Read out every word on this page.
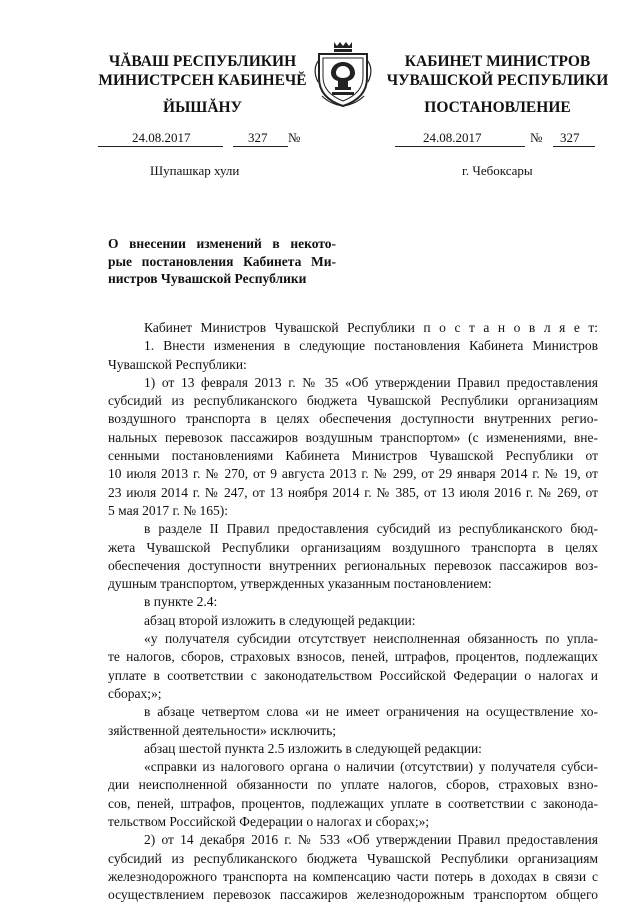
ЧĂВАШ РЕСПУБЛИКИН
МИНИСТРСЕН КАБИНЕЧĔ
ЙЫШĂНУ
КАБИНЕТ МИНИСТРОВ
ЧУВАШСКОЙ РЕСПУБЛИКИ
ПОСТАНОВЛЕНИЕ
24.08.2017	327 №	24.08.2017	№ 327
Шупашкар хули	г. Чебоксары
О внесении изменений в некото-
рые постановления Кабинета Ми-
нистров Чувашской Республики

Кабинет Министров Чувашской Республики п о с т а н о в л я е т:

1. Внести изменения в следующие постановления Кабинета Министров

Чувашской Республики:

1) от 13 февраля 2013 г. № 35 «Об утверждении Правил предоставления

субсидий из республиканского бюджета Чувашской Республики организациям

воздушного транспорта в целях обеспечения доступности внутренних регио-

нальных перевозок пассажиров воздушным транспортом» (с изменениями, вне-

сенными постановлениями Кабинета Министров Чувашской Республики от

10 июля 2013 г. № 270, от 9 августа 2013 г. № 299, от 29 января 2014 г. № 19, от

23 июля 2014 г. № 247, от 13 ноября 2014 г. № 385, от 13 июля 2016 г. № 269, от

5 мая 2017 г. № 165):

в разделе II Правил предоставления субсидий из республиканского бюд-

жета Чувашской Республики организациям воздушного транспорта в целях

обеспечения доступности внутренних региональных перевозок пассажиров воз-

душным транспортом, утвержденных указанным постановлением:

в пункте 2.4:

абзац второй изложить в следующей редакции:

«у получателя субсидии отсутствует неисполненная обязанность по упла-

те налогов, сборов, страховых взносов, пеней, штрафов, процентов, подлежащих

уплате в соответствии с законодательством Российской Федерации о налогах и

сборах;»;

в абзаце четвертом слова «и не имеет ограничения на осуществление хо-

зяйственной деятельности» исключить;

абзац шестой пункта 2.5 изложить в следующей редакции:

«справки из налогового органа о наличии (отсутствии) у получателя субси-

дии неисполненной обязанности по уплате налогов, сборов, страховых взно-

сов, пеней, штрафов, процентов, подлежащих уплате в соответствии с законода-

тельством Российской Федерации о налогах и сборах;»;

2) от 14 декабря 2016 г. № 533 «Об утверждении Правил предоставления

субсидий из республиканского бюджета Чувашской Республики организациям

железнодорожного транспорта на компенсацию части потерь в доходах в связи с

осуществлением перевозок пассажиров железнодорожным транспортом общего
